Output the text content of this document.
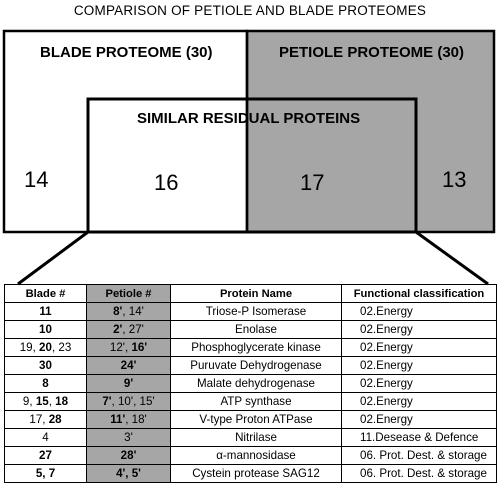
COMPARISON OF PETIOLE AND BLADE PROTEOMES
BLADE PROTEOME (30)	PETIOLE PROTEOME (30)
SIMILAR RESIDUAL PROTEINS
14	16	17	13
Blade #	Petiole #	Protein Name	Functional classification
11	8', 14'	Triose-P Isomerase	02.Energy
10	2', 27'	Enolase	02.Energy
19, 20, 23	12', 16'	Phosphoglycerate kinase	02.Energy
30	24'	Puruvate Dehydrogenase	02.Energy
8	9'	Malate dehydrogenase	02.Energy
9, 15, 18	7', 10', 15'	ATP synthase	02.Energy
17, 28	11', 18'	V-type Proton ATPase	02.Energy
4	3'	Nitrilase	11.Desease & Defence
27	28'	α-mannosidase	06. Prot. Dest. & storage
5, 7	4', 5'	Cystein protease SAG12	06. Prot. Dest. & storage
